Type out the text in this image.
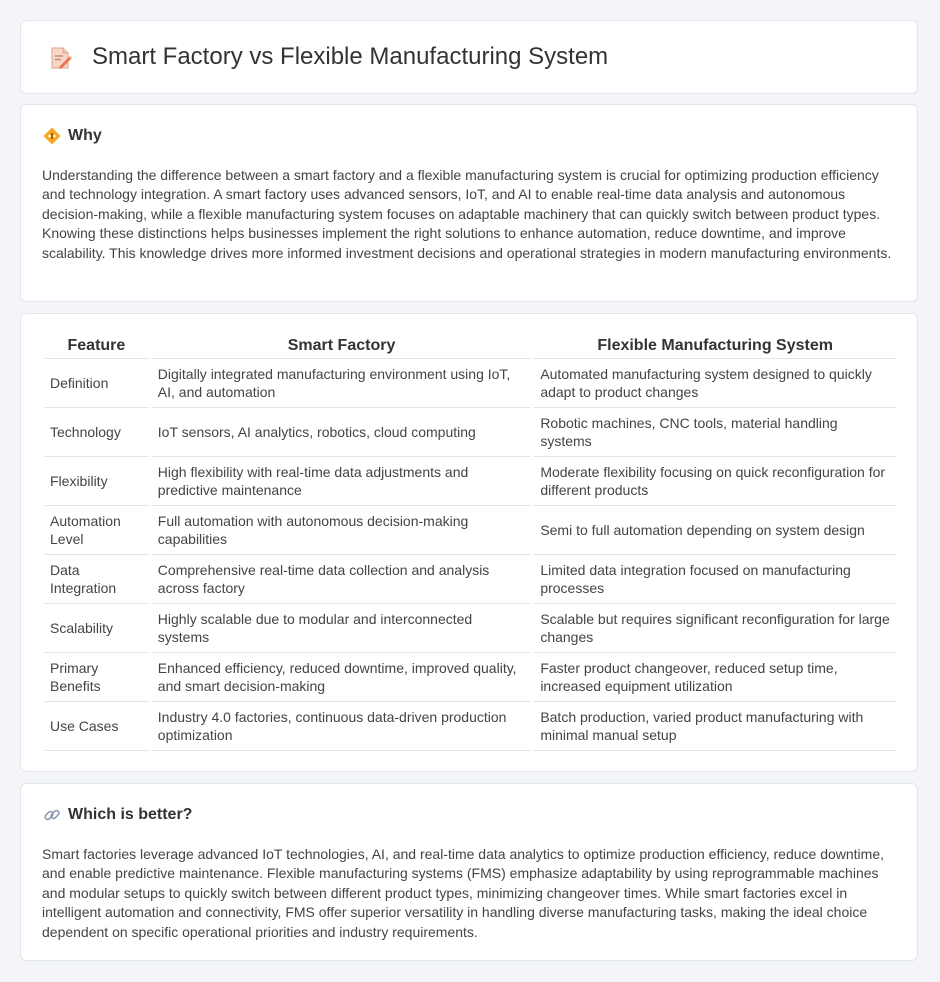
Smart Factory vs Flexible Manufacturing System
Why

Understanding the difference between a smart factory and a flexible manufacturing system is crucial for optimizing production efficiency and technology integration. A smart factory uses advanced sensors, IoT, and AI to enable real-time data analysis and autonomous decision-making, while a flexible manufacturing system focuses on adaptable machinery that can quickly switch between product types. Knowing these distinctions helps businesses implement the right solutions to enhance automation, reduce downtime, and improve scalability. This knowledge drives more informed investment decisions and operational strategies in modern manufacturing environments.

Feature	Smart Factory	Flexible Manufacturing System
Definition	Digitally integrated manufacturing environment using IoT, AI, and automation	Automated manufacturing system designed to quickly adapt to product changes
Technology	IoT sensors, AI analytics, robotics, cloud computing	Robotic machines, CNC tools, material handling systems
Flexibility	High flexibility with real-time data adjustments and predictive maintenance	Moderate flexibility focusing on quick reconfiguration for different products
Automation Level	Full automation with autonomous decision-making capabilities	Semi to full automation depending on system design
Data Integration	Comprehensive real-time data collection and analysis across factory	Limited data integration focused on manufacturing processes
Scalability	Highly scalable due to modular and interconnected systems	Scalable but requires significant reconfiguration for large changes
Primary Benefits	Enhanced efficiency, reduced downtime, improved quality, and smart decision-making	Faster product changeover, reduced setup time, increased equipment utilization
Use Cases	Industry 4.0 factories, continuous data-driven production optimization	Batch production, varied product manufacturing with minimal manual setup
Which is better?

Smart factories leverage advanced IoT technologies, AI, and real-time data analytics to optimize production efficiency, reduce downtime, and enable predictive maintenance. Flexible manufacturing systems (FMS) emphasize adaptability by using reprogrammable machines and modular setups to quickly switch between different product types, minimizing changeover times. While smart factories excel in intelligent automation and connectivity, FMS offer superior versatility in handling diverse manufacturing tasks, making the ideal choice dependent on specific operational priorities and industry requirements.
